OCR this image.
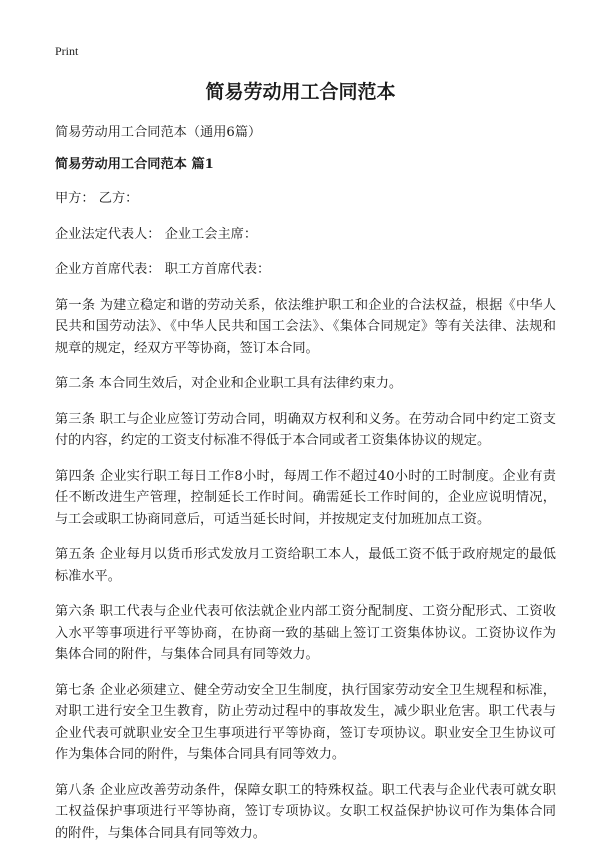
Print
简易劳动用工合同范本

简易劳动用工合同范本（通用6篇）

简易劳动用工合同范本 篇1

甲方： 乙方：

企业法定代表人： 企业工会主席：

企业方首席代表： 职工方首席代表：

第一条 为建立稳定和谐的劳动关系，依法维护职工和企业的合法权益，根据《中华人民共和国劳动法》、《中华人民共和国工会法》、《集体合同规定》等有关法律、法规和规章的规定，经双方平等协商，签订本合同。

第二条 本合同生效后，对企业和企业职工具有法律约束力。

第三条 职工与企业应签订劳动合同，明确双方权利和义务。在劳动合同中约定工资支付的内容，约定的工资支付标准不得低于本合同或者工资集体协议的规定。

第四条 企业实行职工每日工作8小时，每周工作不超过40小时的工时制度。企业有责任不断改进生产管理，控制延长工作时间。确需延长工作时间的，企业应说明情况，与工会或职工协商同意后，可适当延长时间，并按规定支付加班加点工资。

第五条 企业每月以货币形式发放月工资给职工本人，最低工资不低于政府规定的最低标准水平。

第六条 职工代表与企业代表可依法就企业内部工资分配制度、工资分配形式、工资收入水平等事项进行平等协商，在协商一致的基础上签订工资集体协议。工资协议作为集体合同的附件，与集体合同具有同等效力。

第七条 企业必须建立、健全劳动安全卫生制度，执行国家劳动安全卫生规程和标准，对职工进行安全卫生教育，防止劳动过程中的事故发生，减少职业危害。职工代表与企业代表可就职业安全卫生事项进行平等协商，签订专项协议。职业安全卫生协议可作为集体合同的附件，与集体合同具有同等效力。

第八条 企业应改善劳动条件，保障女职工的特殊权益。职工代表与企业代表可就女职工权益保护事项进行平等协商，签订专项协议。女职工权益保护协议可作为集体合同的附件，与集体合同具有同等效力。
